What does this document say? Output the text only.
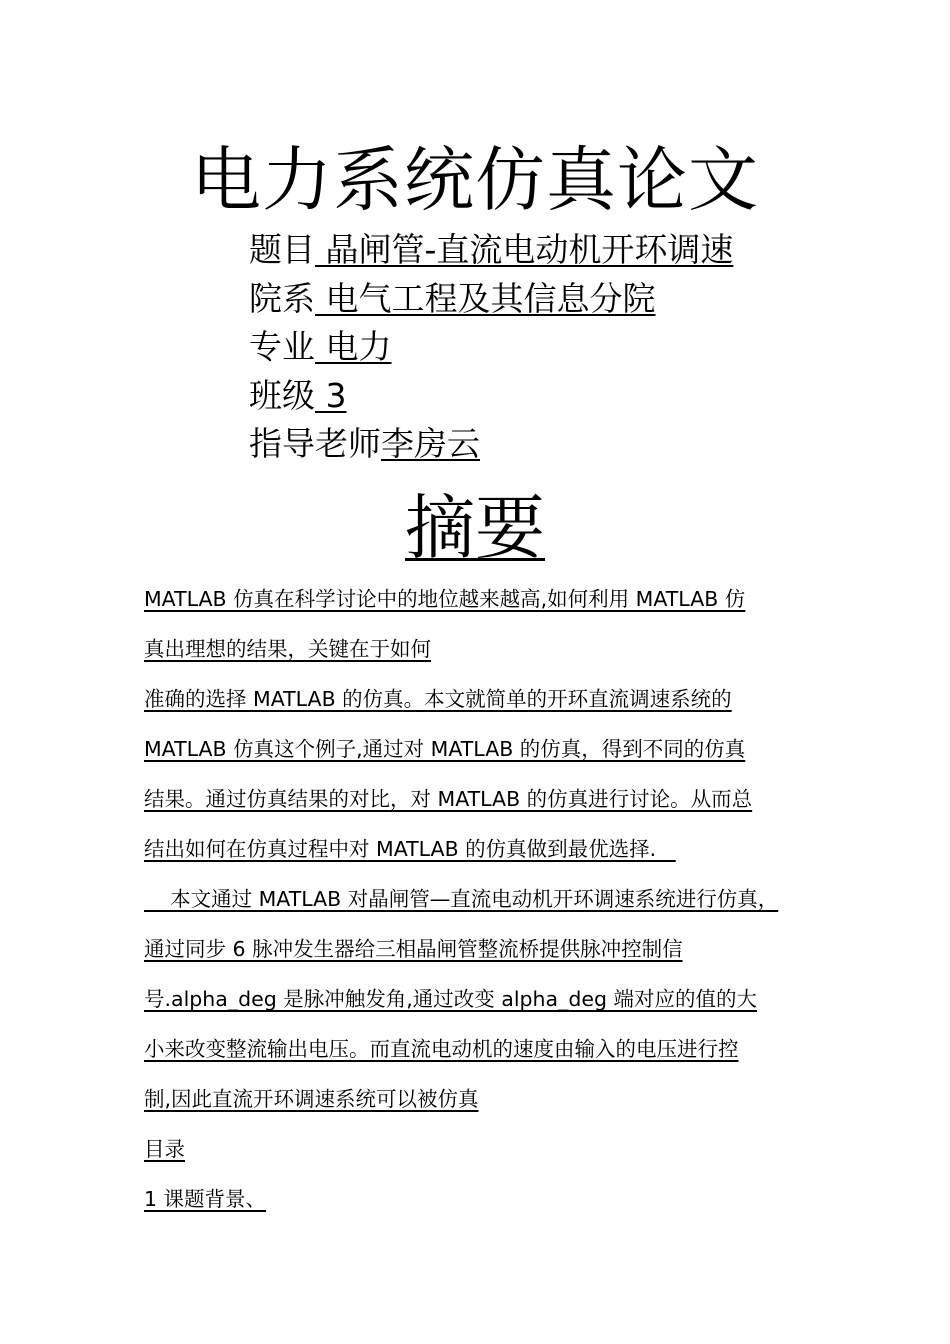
电力系统仿真论文
题目 晶闸管-直流电动机开环调速
院系 电气工程及其信息分院
专业 电力
班级 3
指导老师李房云
摘要
MATLAB 仿真在科学讨论中的地位越来越高,如何利用 MATLAB 仿
真出理想的结果，关键在于如何
准确的选择 MATLAB 的仿真。本文就简单的开环直流调速系统的
MATLAB 仿真这个例子,通过对 MATLAB 的仿真，得到不同的仿真
结果。通过仿真结果的对比，对 MATLAB 的仿真进行讨论。从而总
结出如何在仿真过程中对 MATLAB 的仿真做到最优选择.
本文通过 MATLAB 对晶闸管—直流电动机开环调速系统进行仿真，
通过同步 6 脉冲发生器给三相晶闸管整流桥提供脉冲控制信
号.alpha_deg 是脉冲触发角,通过改变 alpha_deg 端对应的值的大
小来改变整流输出电压。而直流电动机的速度由输入的电压进行控
制,因此直流开环调速系统可以被仿真
目录
1 课题背景、
